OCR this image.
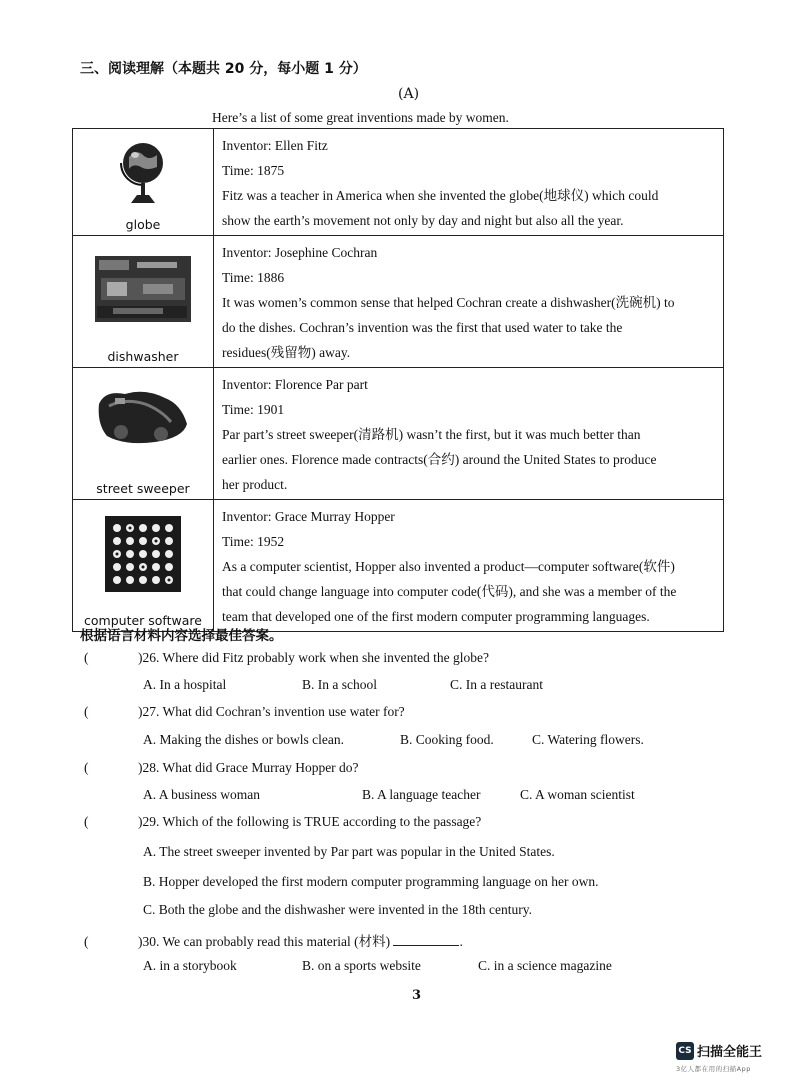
三、阅读理解（本题共 20 分，每小题 1 分）
(A)
Here’s a list of some great inventions made by women.
globe	Inventor: Ellen Fitz
Time: 1875
Fitz was a teacher in America when she invented the globe(地球仪) which could
show the earth’s movement not only by day and night but also all the year.

dishwasher	Inventor: Josephine Cochran
Time: 1886
It was women’s common sense that helped Cochran create a dishwasher(洗碗机) to
do the dishes. Cochran’s invention was the first that used water to take the
residues(残留物) away.

street sweeper	Inventor: Florence Par part
Time: 1901
Par part’s street sweeper(清路机) wasn’t the first, but it was much better than
earlier ones. Florence made contracts(合约) around the United States to produce
her product.

computer software	Inventor: Grace Murray Hopper
Time: 1952
As a computer scientist, Hopper also invented a product—computer software(软件)
that could change language into computer code(代码), and she was a member of the
team that developed one of the first modern computer programming languages.
根据语言材料内容选择最佳答案。
(	)26. Where did Fitz probably work when she invented the globe?
A. In a hospital	B. In a school	C. In a restaurant
(	)27. What did Cochran’s invention use water for?
A. Making the dishes or bowls clean.	B. Cooking food.	C. Watering flowers.
(	)28. What did Grace Murray Hopper do?
A. A business woman	B. A language teacher	C. A woman scientist
(	)29. Which of the following is TRUE according to the passage?
A. The street sweeper invented by Par part was popular in the United States.
B. Hopper developed the first modern computer programming language on her own.
C. Both the globe and the dishwasher were invented in the 18th century.
(	)30. We can probably read this material (材料)	.
A. in a storybook	B. on a sports website	C. in a science magazine
3
CS 扫描全能王
3亿人都在用的扫描App
